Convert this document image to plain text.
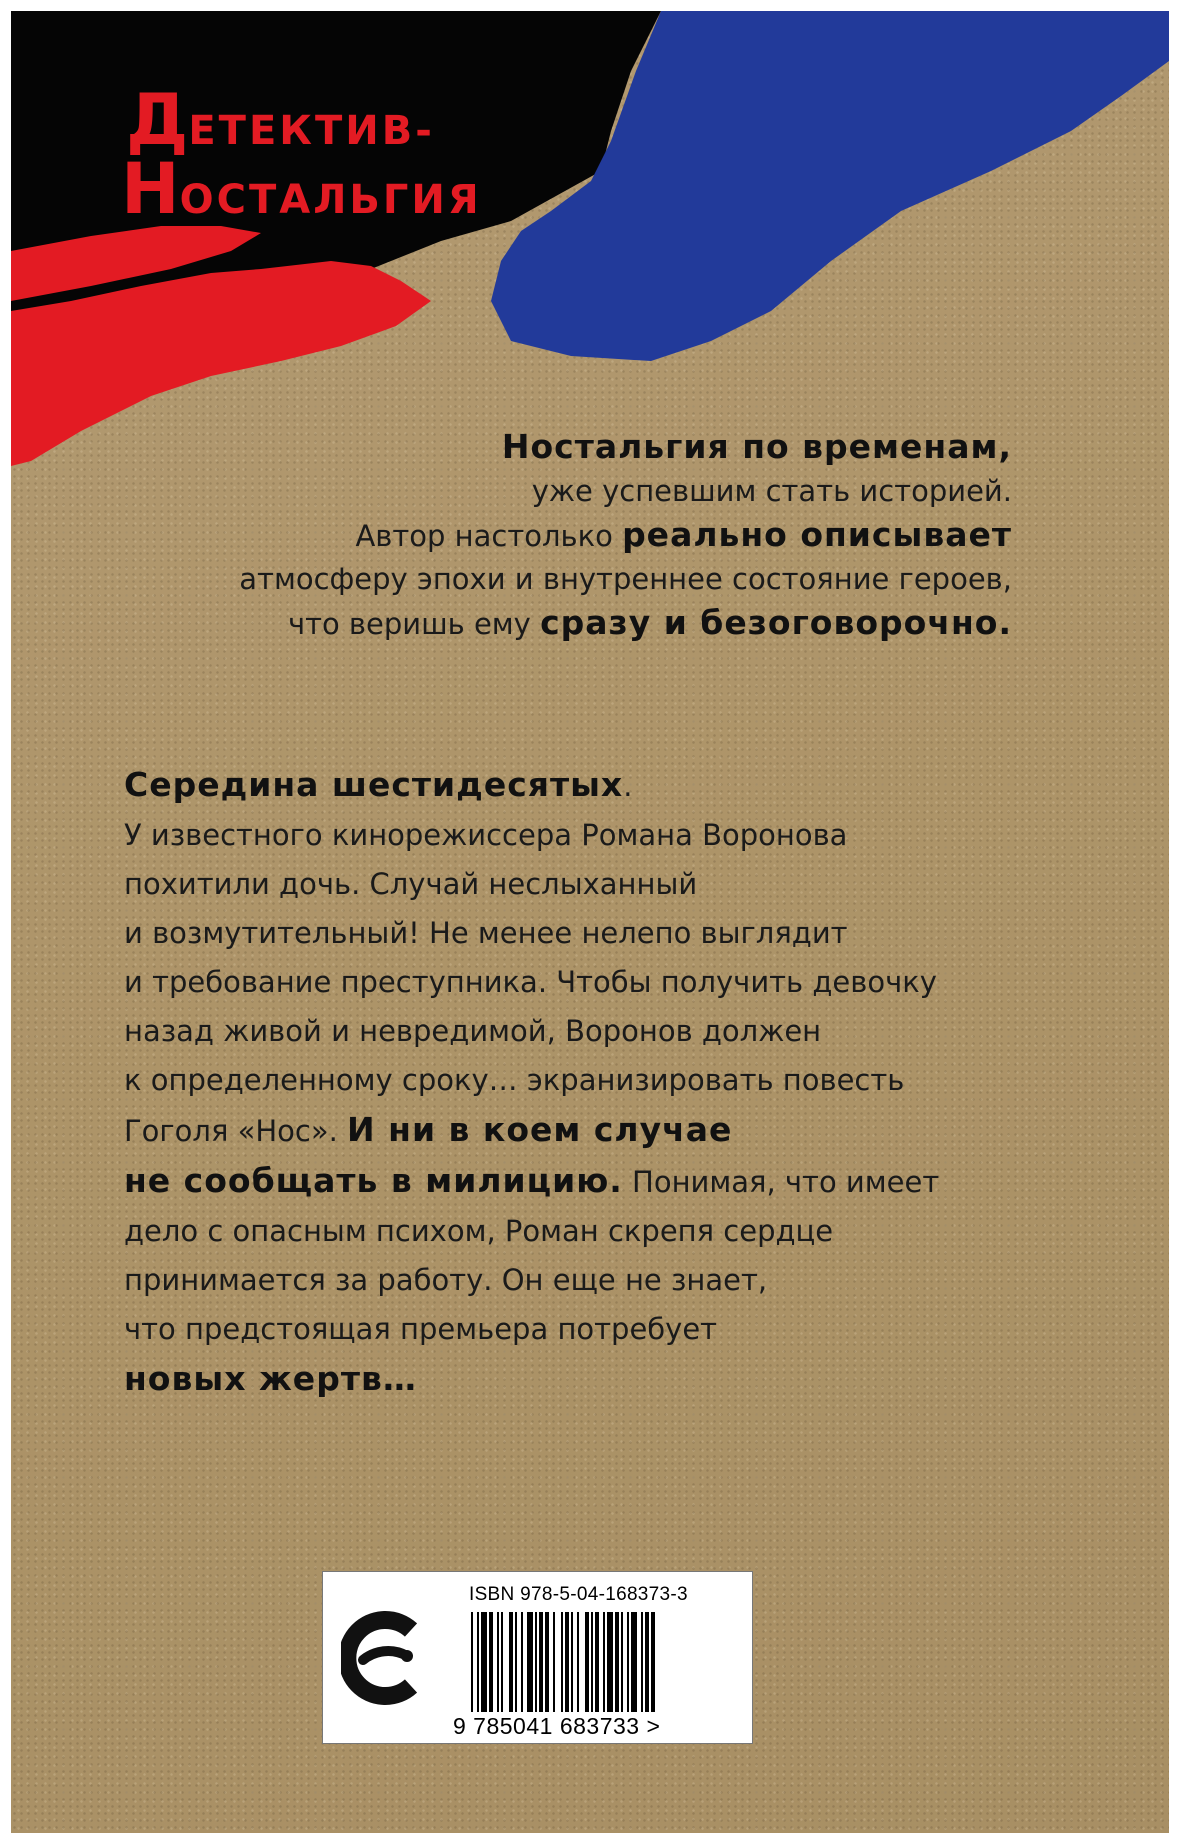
ДЕТЕКТИВ-
НОСТАЛЬГИЯ

Ностальгия по временам,

уже успевшим стать историей.

Автор настолько реально описывает

атмосферу эпохи и внутреннее состояние героев,

что веришь ему сразу и безоговорочно.

Середина шестидесятых.

У известного кинорежиссера Романа Воронова

похитили дочь. Случай неслыханный

и возмутительный! Не менее нелепо выглядит

и требование преступника. Чтобы получить девочку

назад живой и невредимой, Воронов должен

к определенному сроку… экранизировать повесть

Гоголя «Нос». И ни в коем случае

не сообщать в милицию. Понимая, что имеет

дело с опасным психом, Роман скрепя сердце

принимается за работу. Он еще не знает,

что предстоящая премьера потребует

новых жертв…

ISBN 978-5-04-168373-3
9 785041 683733 >
